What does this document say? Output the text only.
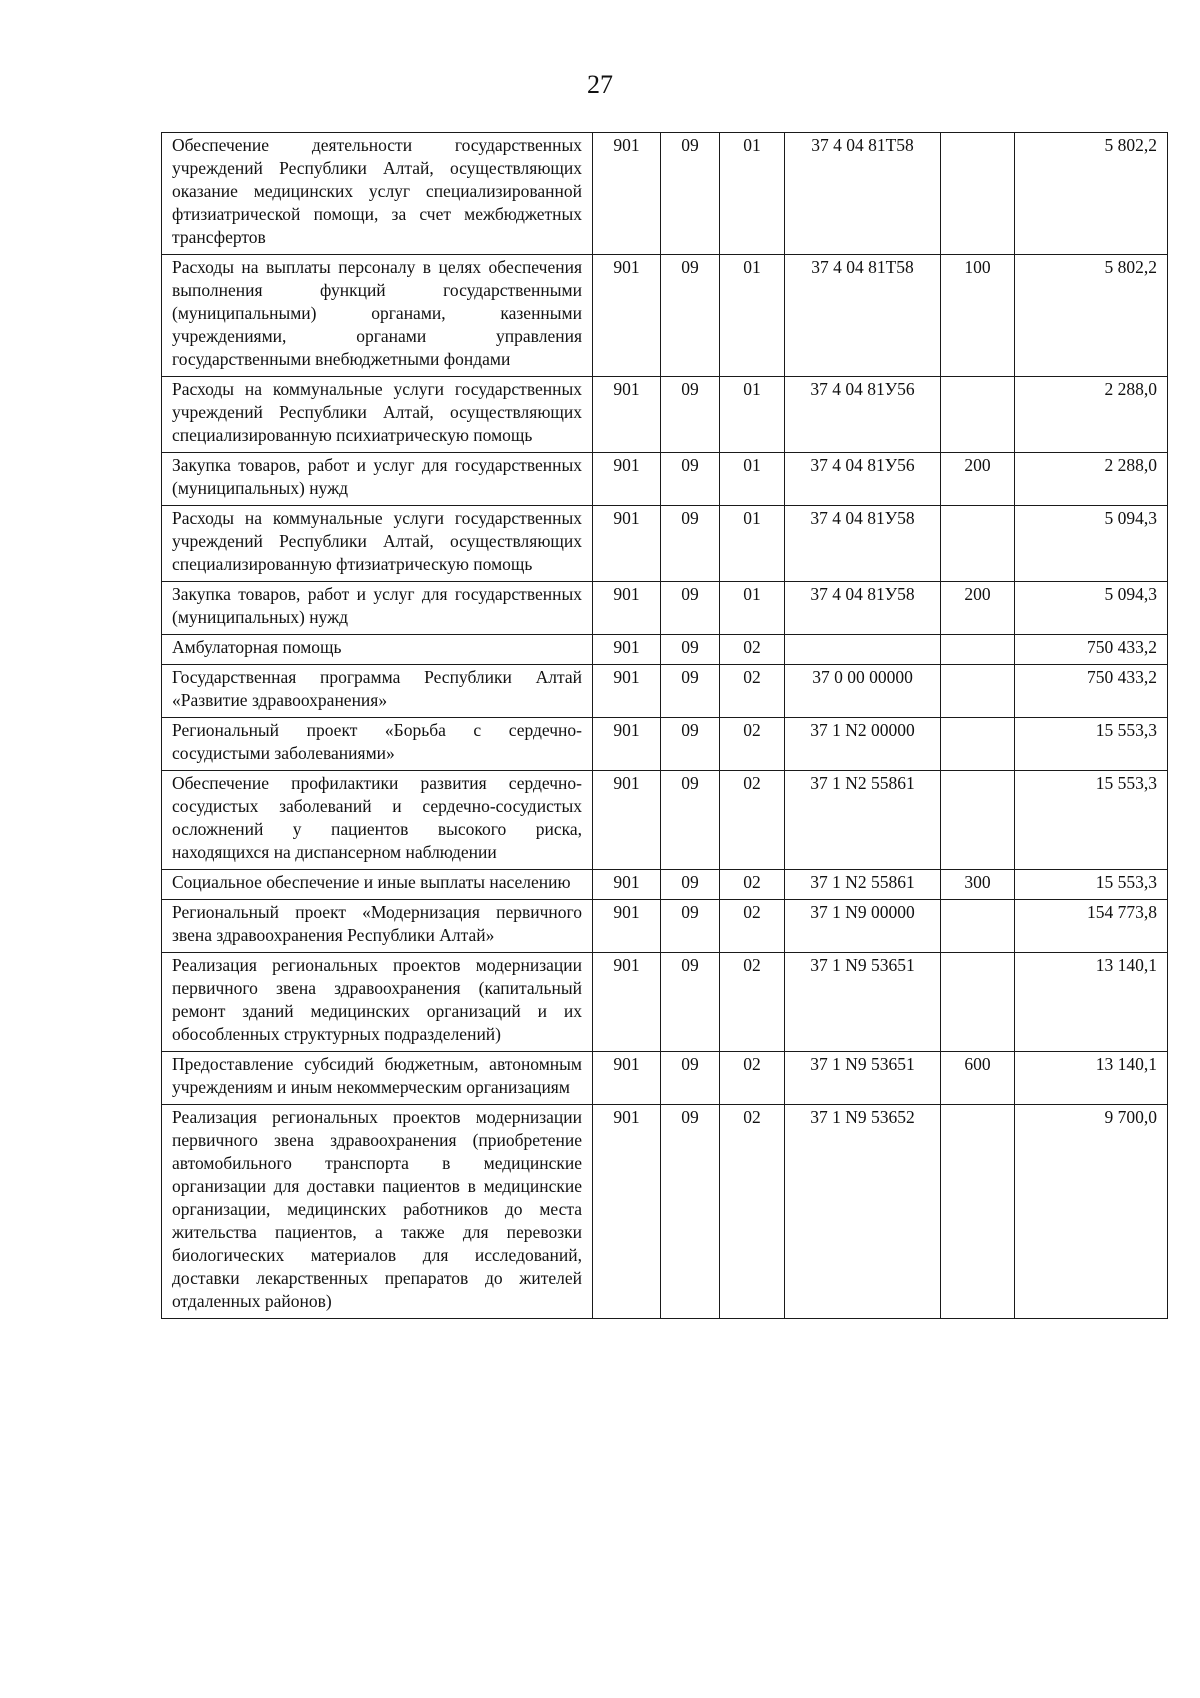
27
Обеспечение деятельности государственных учреждений Республики Алтай, осуществляющих оказание медицинских услуг специализированной фтизиатрической помощи, за счет межбюджетных трансфертов	901	09	01	37 4 04 81Т58		5 802,2
Расходы на выплаты персоналу в целях обеспечения выполнения функций государственными (муниципальными) органами, казенными учреждениями, органами управления государственными внебюджетными фондами	901	09	01	37 4 04 81Т58	100	5 802,2
Расходы на коммунальные услуги государственных учреждений Республики Алтай, осуществляющих специализированную психиатрическую помощь	901	09	01	37 4 04 81У56		2 288,0
Закупка товаров, работ и услуг для государственных (муниципальных) нужд	901	09	01	37 4 04 81У56	200	2 288,0
Расходы на коммунальные услуги государственных учреждений Республики Алтай, осуществляющих специализированную фтизиатрическую помощь	901	09	01	37 4 04 81У58		5 094,3
Закупка товаров, работ и услуг для государственных (муниципальных) нужд	901	09	01	37 4 04 81У58	200	5 094,3
Амбулаторная помощь	901	09	02			750 433,2
Государственная программа Республики Алтай «Развитие здравоохранения»	901	09	02	37 0 00 00000		750 433,2
Региональный проект «Борьба с сердечно-сосудистыми заболеваниями»	901	09	02	37 1 N2 00000		15 553,3
Обеспечение профилактики развития сердечно-сосудистых заболеваний и сердечно-сосудистых осложнений у пациентов высокого риска, находящихся на диспансерном наблюдении	901	09	02	37 1 N2 55861		15 553,3
Социальное обеспечение и иные выплаты населению	901	09	02	37 1 N2 55861	300	15 553,3
Региональный проект «Модернизация первичного звена здравоохранения Республики Алтай»	901	09	02	37 1 N9 00000		154 773,8
Реализация региональных проектов модернизации первичного звена здравоохранения (капитальный ремонт зданий медицинских организаций и их обособленных структурных подразделений)	901	09	02	37 1 N9 53651		13 140,1
Предоставление субсидий бюджетным, автономным учреждениям и иным некоммерческим организациям	901	09	02	37 1 N9 53651	600	13 140,1
Реализация региональных проектов модернизации первичного звена здравоохранения (приобретение автомобильного транспорта в медицинские организации для доставки пациентов в медицинские организации, медицинских работников до места жительства пациентов, а также для перевозки биологических материалов для исследований, доставки лекарственных препаратов до жителей отдаленных районов)	901	09	02	37 1 N9 53652		9 700,0
